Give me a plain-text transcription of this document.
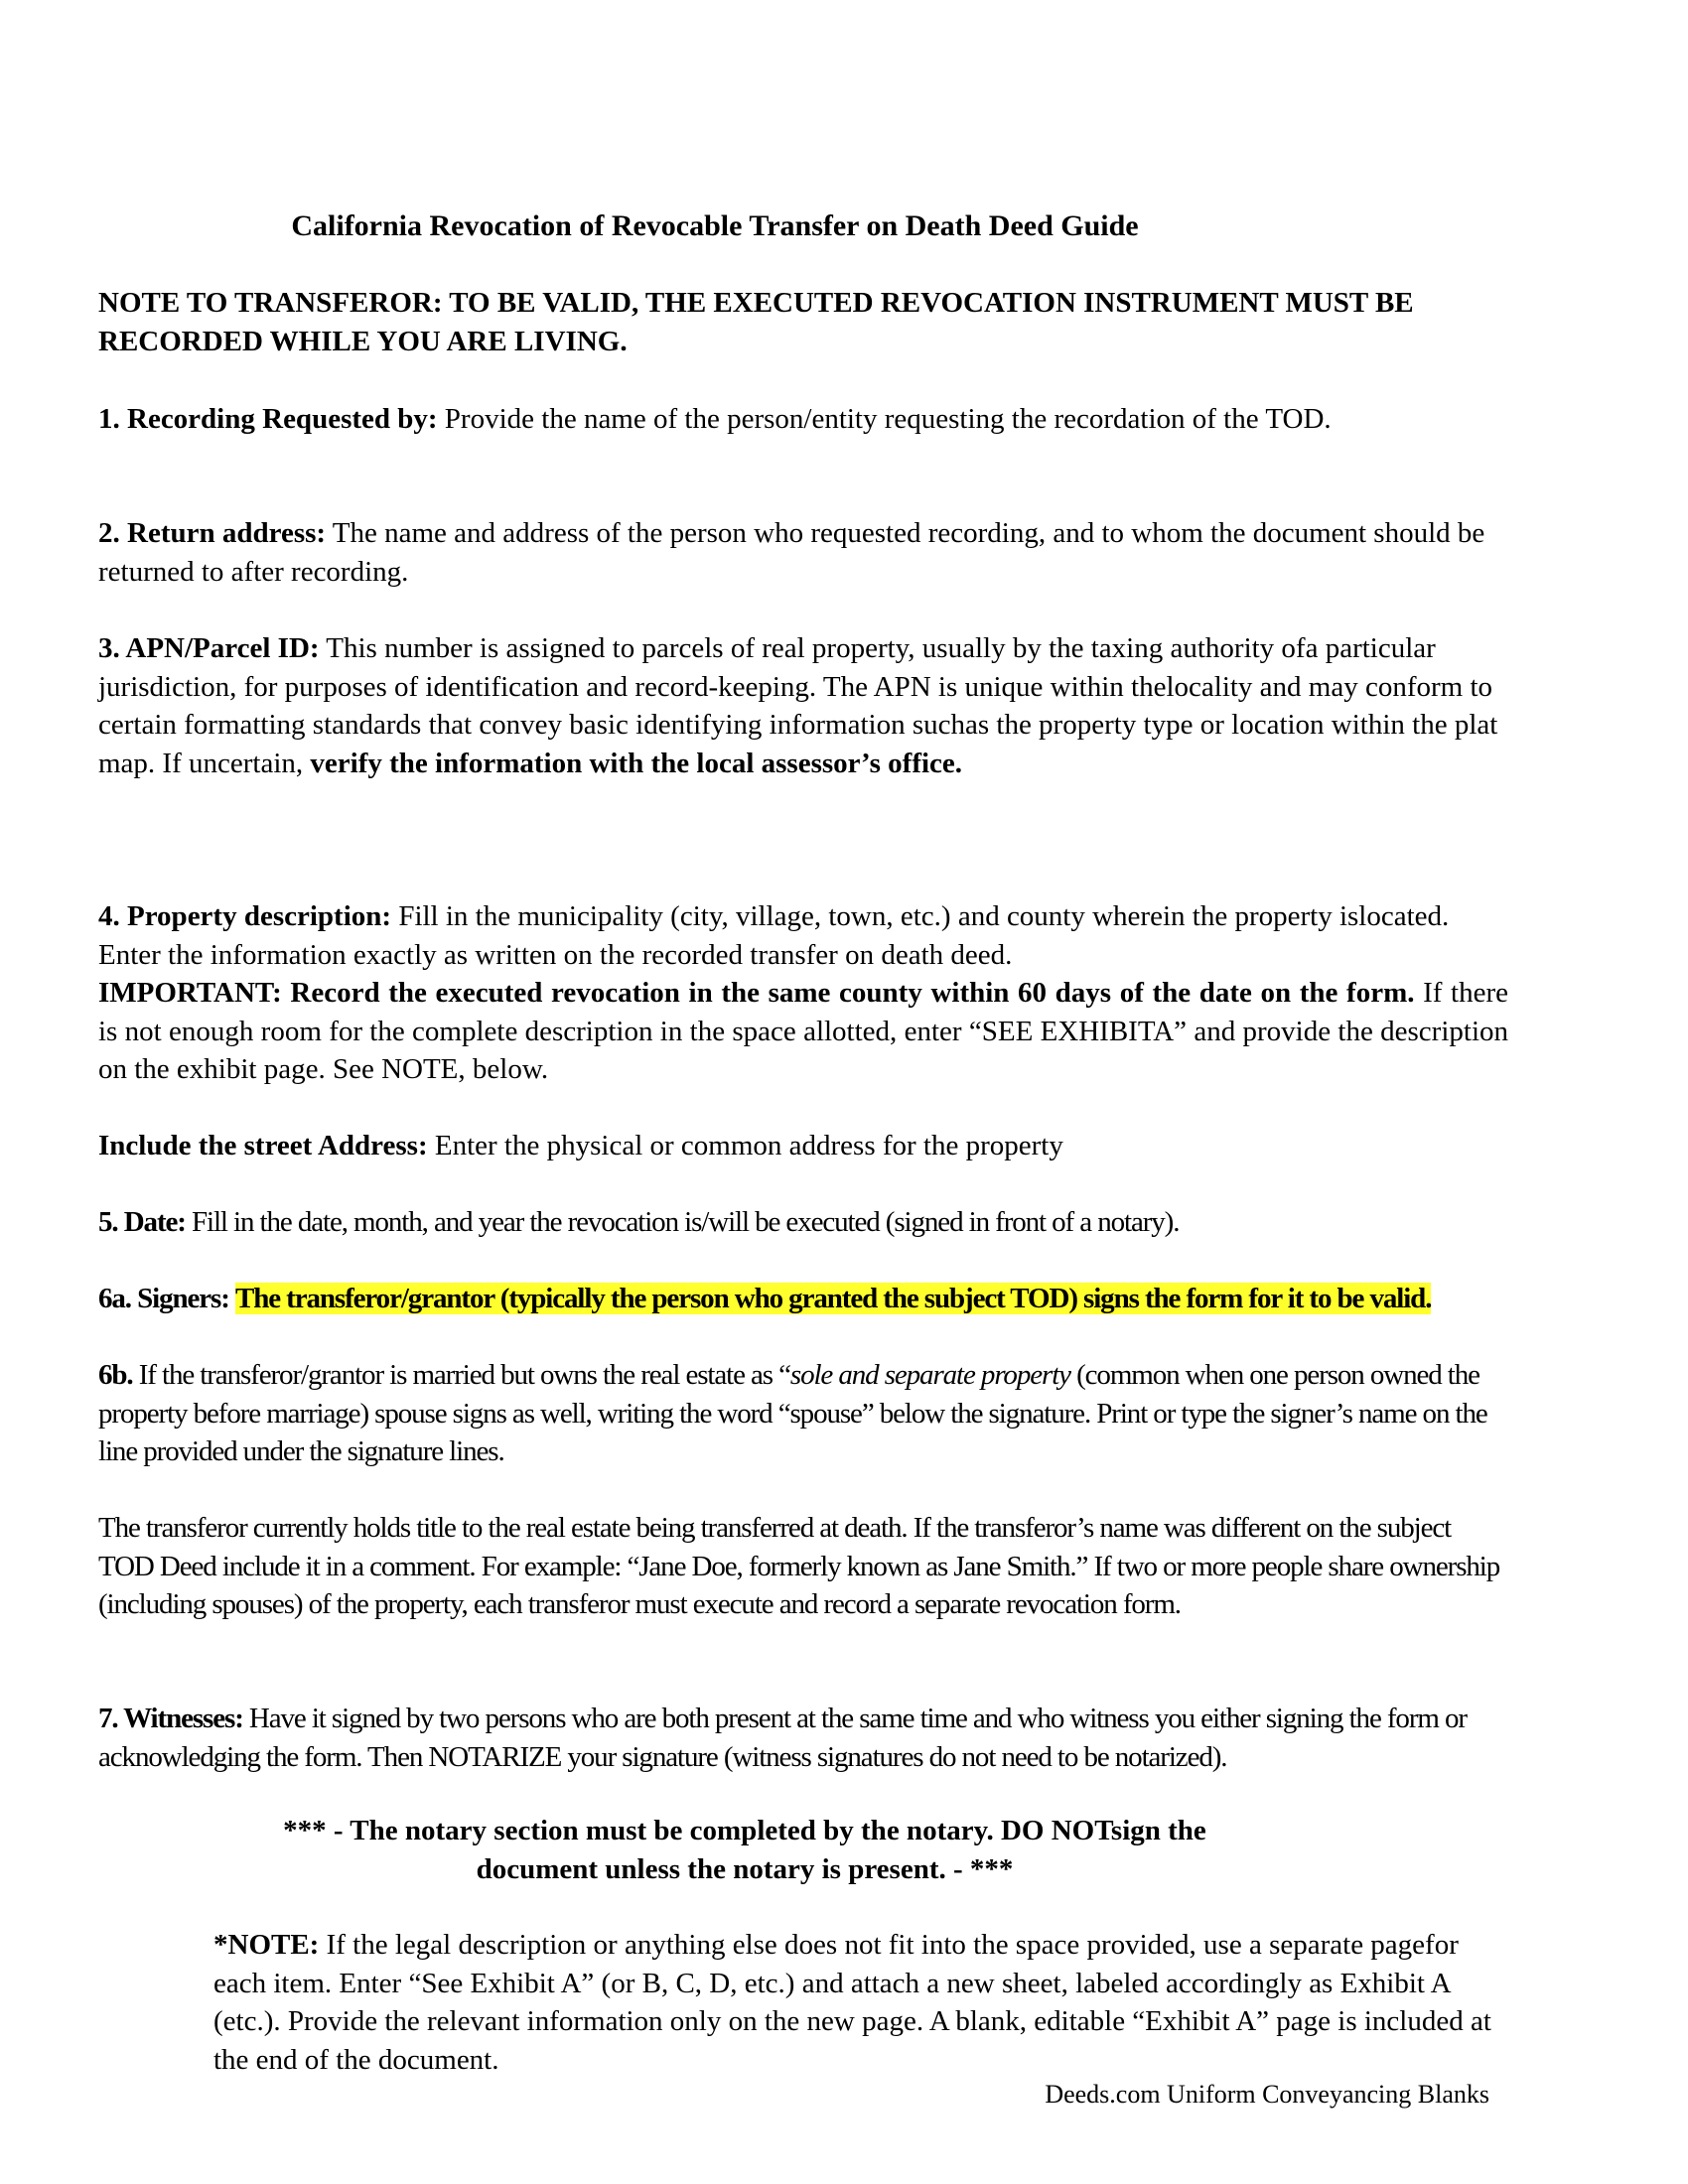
California Revocation of Revocable Transfer on Death Deed Guide

NOTE TO TRANSFEROR: TO BE VALID, THE EXECUTED REVOCATION INSTRUMENT MUST BE RECORDED WHILE YOU ARE LIVING.

1. Recording Requested by: Provide the name of the person/entity requesting the recordation of the TOD.

2. Return address: The name and address of the person who requested recording, and to whom the document should be returned to after recording.

3. APN/Parcel ID: This number is assigned to parcels of real property, usually by the taxing authority ofa particular jurisdiction, for purposes of identification and record-keeping. The APN is unique within thelocality and may conform to certain formatting standards that convey basic identifying information suchas the property type or location within the plat map. If uncertain, verify the information with the local assessor’s office.

4. Property description: Fill in the municipality (city, village, town, etc.) and county wherein the property islocated. Enter the information exactly as written on the recorded transfer on death deed.

IMPORTANT: Record the executed revocation in the same county within 60 days of the date on the form. If there is not enough room for the complete description in the space allotted, enter “SEE EXHIBITA” and provide the description on the exhibit page. See NOTE, below.

Include the street Address: Enter the physical or common address for the property

5. Date: Fill in the date, month, and year the revocation is/will be executed (signed in front of a notary).

6a. Signers: The transferor/grantor (typically the person who granted the subject TOD) signs the form for it to be valid.

6b. If the transferor/grantor is married but owns the real estate as “sole and separate property (common when one person owned the property before marriage) spouse signs as well, writing the word “spouse” below the signature. Print or type the signer’s name on the line provided under the signature lines.

The transferor currently holds title to the real estate being transferred at death. If the transferor’s name was different on the subject TOD Deed include it in a comment. For example: “Jane Doe, formerly known as Jane Smith.” If two or more people share ownership (including spouses) of the property, each transferor must execute and record a separate revocation form.

7. Witnesses: Have it signed by two persons who are both present at the same time and who witness you either signing the form or acknowledging the form. Then NOTARIZE your signature (witness signatures do not need to be notarized).

*** - The notary section must be completed by the notary. DO NOTsign the document unless the notary is present. - ***

*NOTE: If the legal description or anything else does not fit into the space provided, use a separate pagefor each item. Enter “See Exhibit A” (or B, C, D, etc.) and attach a new sheet, labeled accordingly as Exhibit A (etc.). Provide the relevant information only on the new page. A blank, editable “Exhibit A” page is included at the end of the document.

Deeds.com Uniform Conveyancing Blanks
